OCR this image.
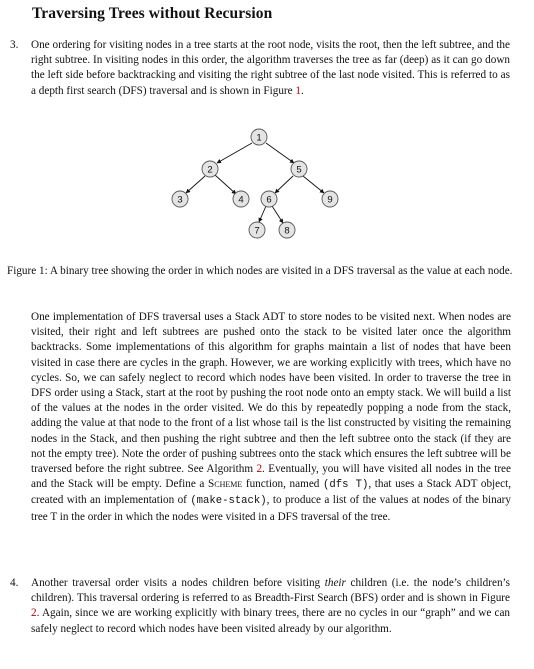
Traversing Trees without Recursion
3. One ordering for visiting nodes in a tree starts at the root node, visits the root, then the left subtree, and the right subtree. In visiting nodes in this order, the algorithm traverses the tree as far (deep) as it can go down the left side before backtracking and visiting the right subtree of the last node visited. This is referred to as a depth first search (DFS) traversal and is shown in Figure 1.
1
2
3	4
5
6
7	8
9
Figure 1: A binary tree showing the order in which nodes are visited in a DFS traversal as the value at each node.
One implementation of DFS traversal uses a Stack ADT to store nodes to be visited next. When nodes are visited, their right and left subtrees are pushed onto the stack to be visited later once the algorithm backtracks. Some implementations of this algorithm for graphs maintain a list of nodes that have been visited in case there are cycles in the graph. However, we are working explicitly with trees, which have no cycles. So, we can safely neglect to record which nodes have been visited. In order to traverse the tree in DFS order using a Stack, start at the root by pushing the root node onto an empty stack. We will build a list of the values at the nodes in the order visited. We do this by repeatedly popping a node from the stack, adding the value at that node to the front of a list whose tail is the list constructed by visiting the remaining nodes in the Stack, and then pushing the right subtree and then the left subtree onto the stack (if they are not the empty tree). Note the order of pushing subtrees onto the stack which ensures the left subtree will be traversed before the right subtree. See Algorithm 2. Eventually, you will have visited all nodes in the tree and the Stack will be empty. Define a Scheme function, named (dfs T), that uses a Stack ADT object, created with an implementation of (make-stack), to produce a list of the values at nodes of the binary tree T in the order in which the nodes were visited in a DFS traversal of the tree.
4. Another traversal order visits a nodes children before visiting their children (i.e. the node’s children’s children). This traversal ordering is referred to as Breadth-First Search (BFS) order and is shown in Figure 2. Again, since we are working explicitly with binary trees, there are no cycles in our “graph” and we can safely neglect to record which nodes have been visited already by our algorithm.
